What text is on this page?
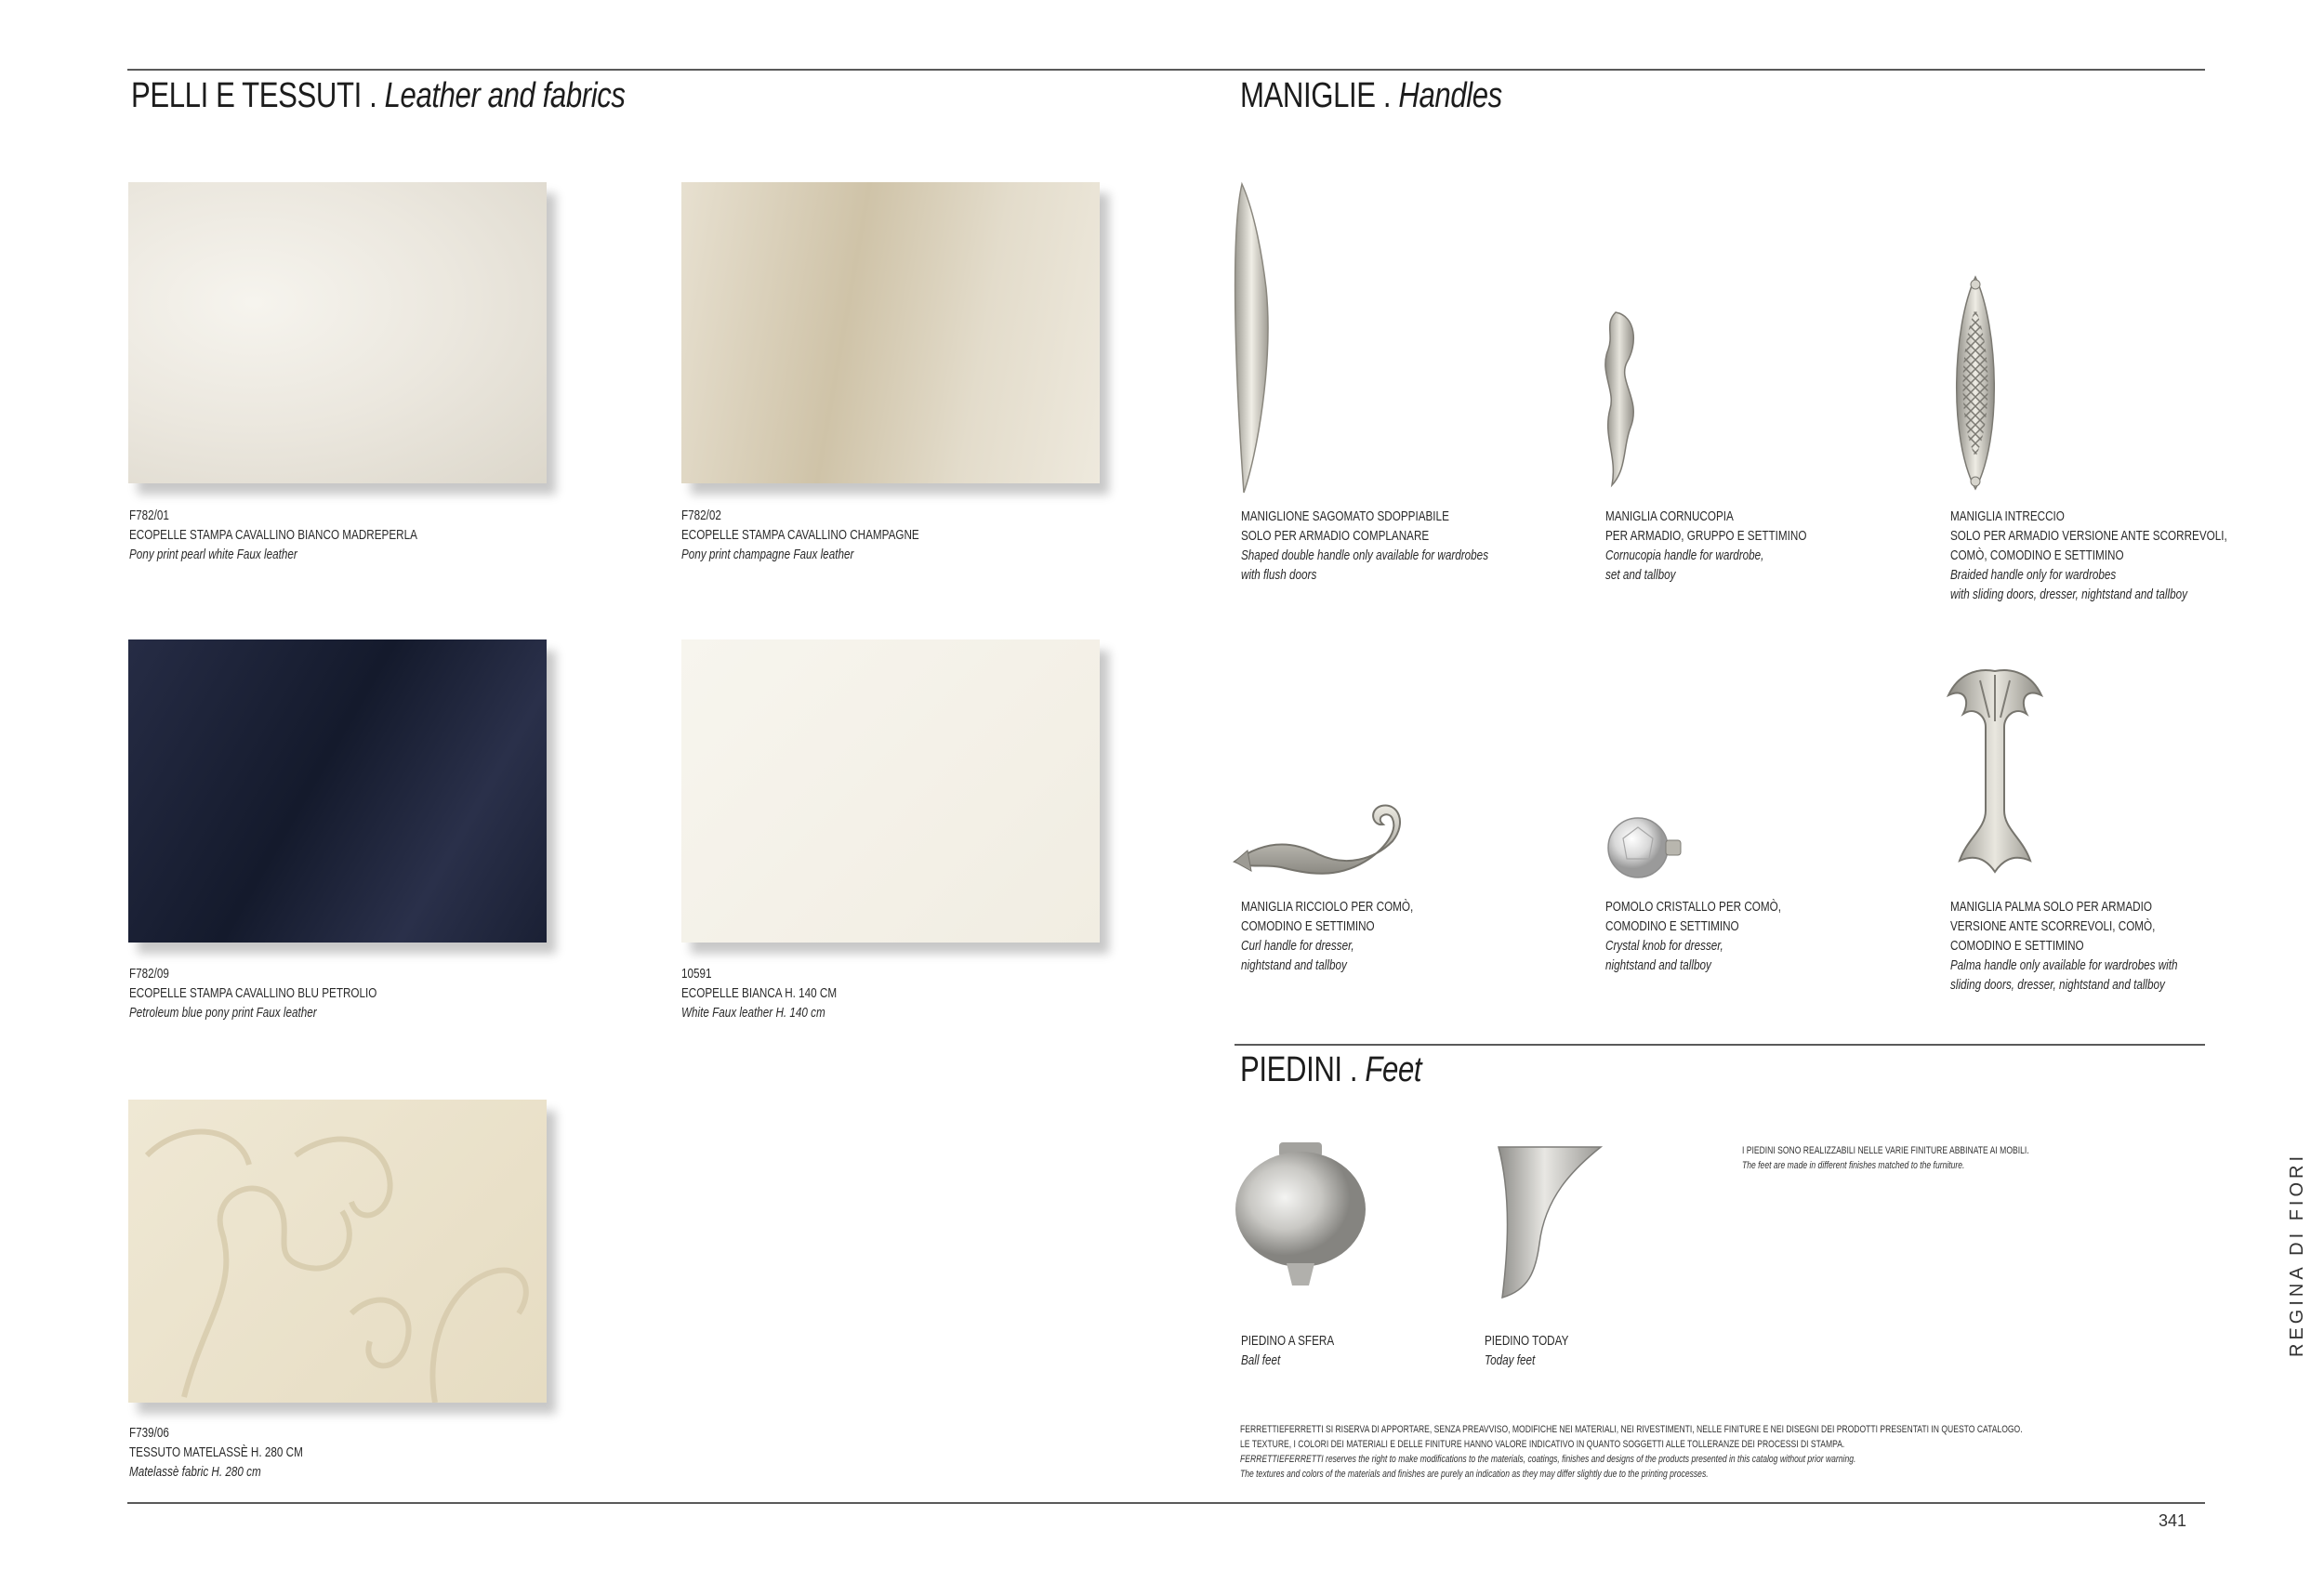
PELLI E TESSUTI . Leather and fabrics	MANIGLIE . Handles
F782/01
ECOPELLE STAMPA CAVALLINO BIANCO MADREPERLA
Pony print pearl white Faux leather
F782/02
ECOPELLE STAMPA CAVALLINO CHAMPAGNE
Pony print champagne Faux leather
F782/09
ECOPELLE STAMPA CAVALLINO BLU PETROLIO
Petroleum blue pony print Faux leather
10591
ECOPELLE BIANCA H. 140 CM
White Faux leather H. 140 cm
F739/06
TESSUTO MATELASSÈ H. 280 CM
Matelassè fabric H. 280 cm
MANIGLIONE SAGOMATO SDOPPIABILE
SOLO PER ARMADIO COMPLANARE
Shaped double handle only available for wardrobes
with flush doors
MANIGLIA CORNUCOPIA
PER ARMADIO, GRUPPO E SETTIMINO
Cornucopia handle for wardrobe,
set and tallboy
MANIGLIA INTRECCIO
SOLO PER ARMADIO VERSIONE ANTE SCORREVOLI,
COMÒ, COMODINO E SETTIMINO
Braided handle only for wardrobes
with sliding doors, dresser, nightstand and tallboy
MANIGLIA RICCIOLO PER COMÒ,
COMODINO E SETTIMINO
Curl handle for dresser,
nightstand and tallboy
POMOLO CRISTALLO PER COMÒ,
COMODINO E SETTIMINO
Crystal knob for dresser,
nightstand and tallboy
MANIGLIA PALMA SOLO PER ARMADIO
VERSIONE ANTE SCORREVOLI, COMÒ,
COMODINO E SETTIMINO
Palma handle only available for wardrobes with
sliding doors, dresser, nightstand and tallboy
PIEDINI . Feet
PIEDINO A SFERA
Ball feet
PIEDINO TODAY
Today feet
I PIEDINI SONO REALIZZABILI NELLE VARIE FINITURE ABBINATE AI MOBILI.
The feet are made in different finishes matched to the furniture.
FERRETTIEFERRETTI SI RISERVA DI APPORTARE, SENZA PREAVVISO, MODIFICHE NEI MATERIALI, NEI RIVESTIMENTI, NELLE FINITURE E NEI DISEGNI DEI PRODOTTI PRESENTATI IN QUESTO CATALOGO.
LE TEXTURE, I COLORI DEI MATERIALI E DELLE FINITURE HANNO VALORE INDICATIVO IN QUANTO SOGGETTI ALLE TOLLERANZE DEI PROCESSI DI STAMPA.
FERRETTIEFERRETTI reserves the right to make modifications to the materials, coatings, finishes and designs of the products presented in this catalog without prior warning.
The textures and colors of the materials and finishes are purely an indication as they may differ slightly due to the printing processes.
341
REGINA DI FIORI
